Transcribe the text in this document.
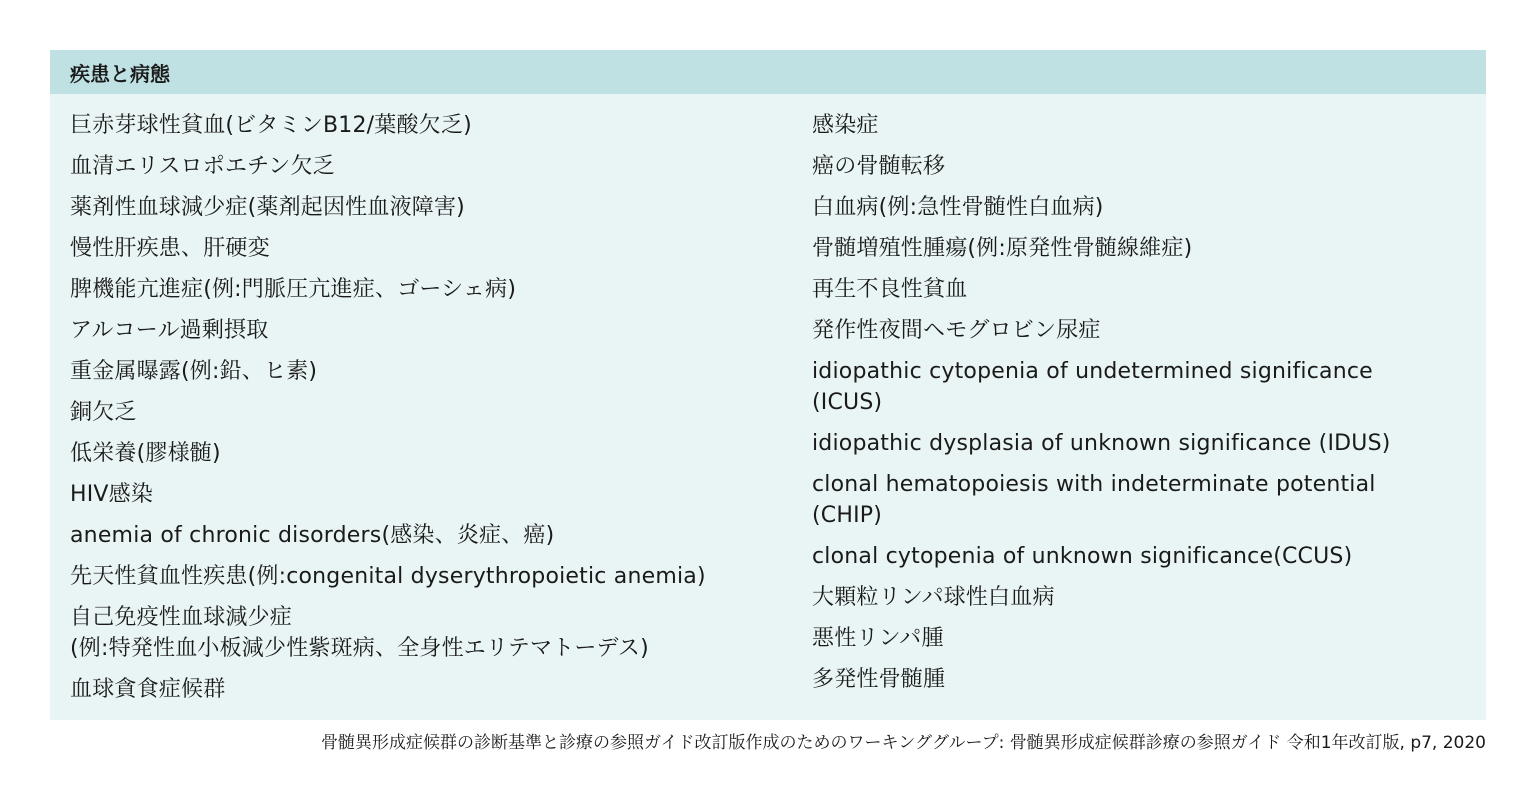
疾患と病態
巨赤芽球性貧血(ビタミンB12/葉酸欠乏)
血清エリスロポエチン欠乏
薬剤性血球減少症(薬剤起因性血液障害)
慢性肝疾患、肝硬変
脾機能亢進症(例:門脈圧亢進症、ゴーシェ病)
アルコール過剰摂取
重金属曝露(例:鉛、ヒ素)
銅欠乏
低栄養(膠様髄)
HIV感染
anemia of chronic disorders(感染、炎症、癌)
先天性貧血性疾患(例:congenital dyserythropoietic anemia)
自己免疫性血球減少症
(例:特発性血小板減少性紫斑病、全身性エリテマトーデス)
血球貪食症候群
感染症
癌の骨髄転移
白血病(例:急性骨髄性白血病)
骨髄増殖性腫瘍(例:原発性骨髄線維症)
再生不良性貧血
発作性夜間ヘモグロビン尿症
idiopathic cytopenia of undetermined significance
(ICUS)
idiopathic dysplasia of unknown significance (IDUS)
clonal hematopoiesis with indeterminate potential
(CHIP)
clonal cytopenia of unknown significance(CCUS)
大顆粒リンパ球性白血病
悪性リンパ腫
多発性骨髄腫
骨髄異形成症候群の診断基準と診療の参照ガイド改訂版作成のためのワーキンググループ: 骨髄異形成症候群診療の参照ガイド 令和1年改訂版, p7, 2020
